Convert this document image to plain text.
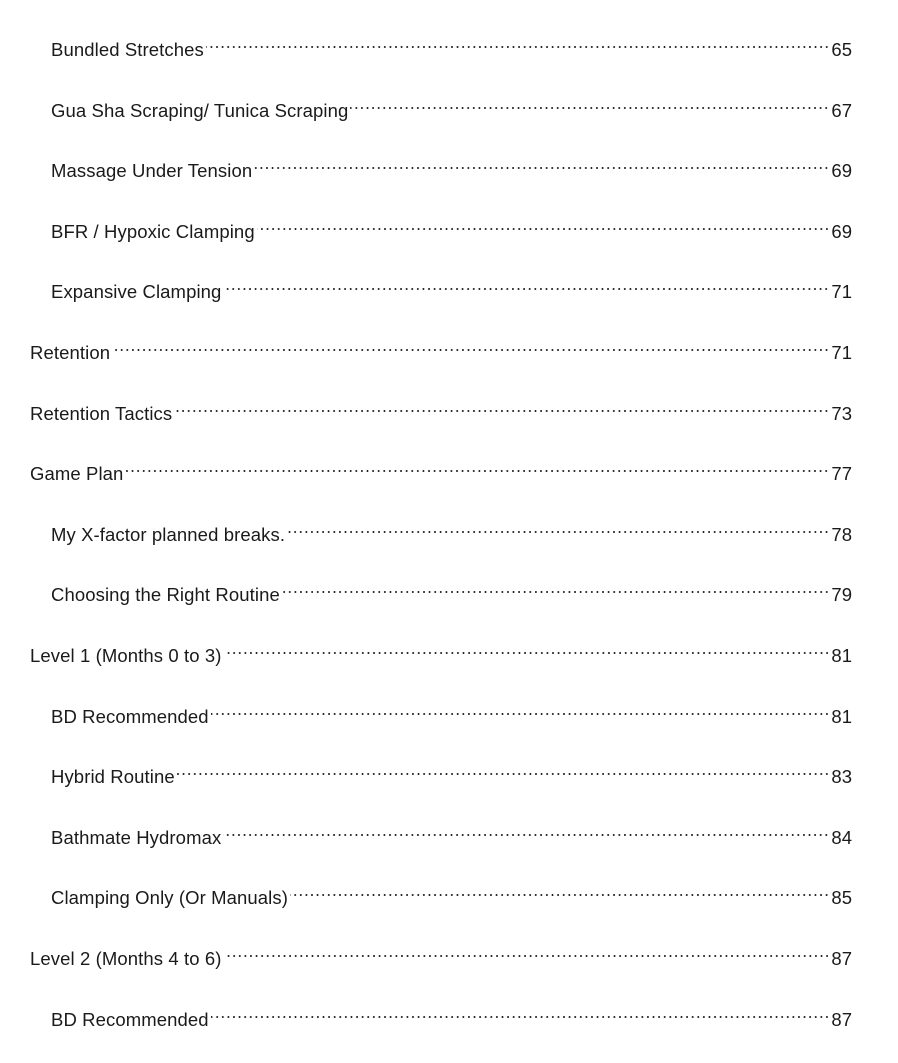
Bundled Stretches	65
Gua Sha Scraping/ Tunica Scraping	67
Massage Under Tension	69
BFR / Hypoxic Clamping	69
Expansive Clamping	71
Retention	71
Retention Tactics	73
Game Plan	77
My X-factor planned breaks.	78
Choosing the Right Routine	79
Level 1 (Months 0 to 3)	81
BD Recommended	81
Hybrid Routine	83
Bathmate Hydromax	84
Clamping Only (Or Manuals)	85
Level 2 (Months 4 to 6)	87
BD Recommended	87
